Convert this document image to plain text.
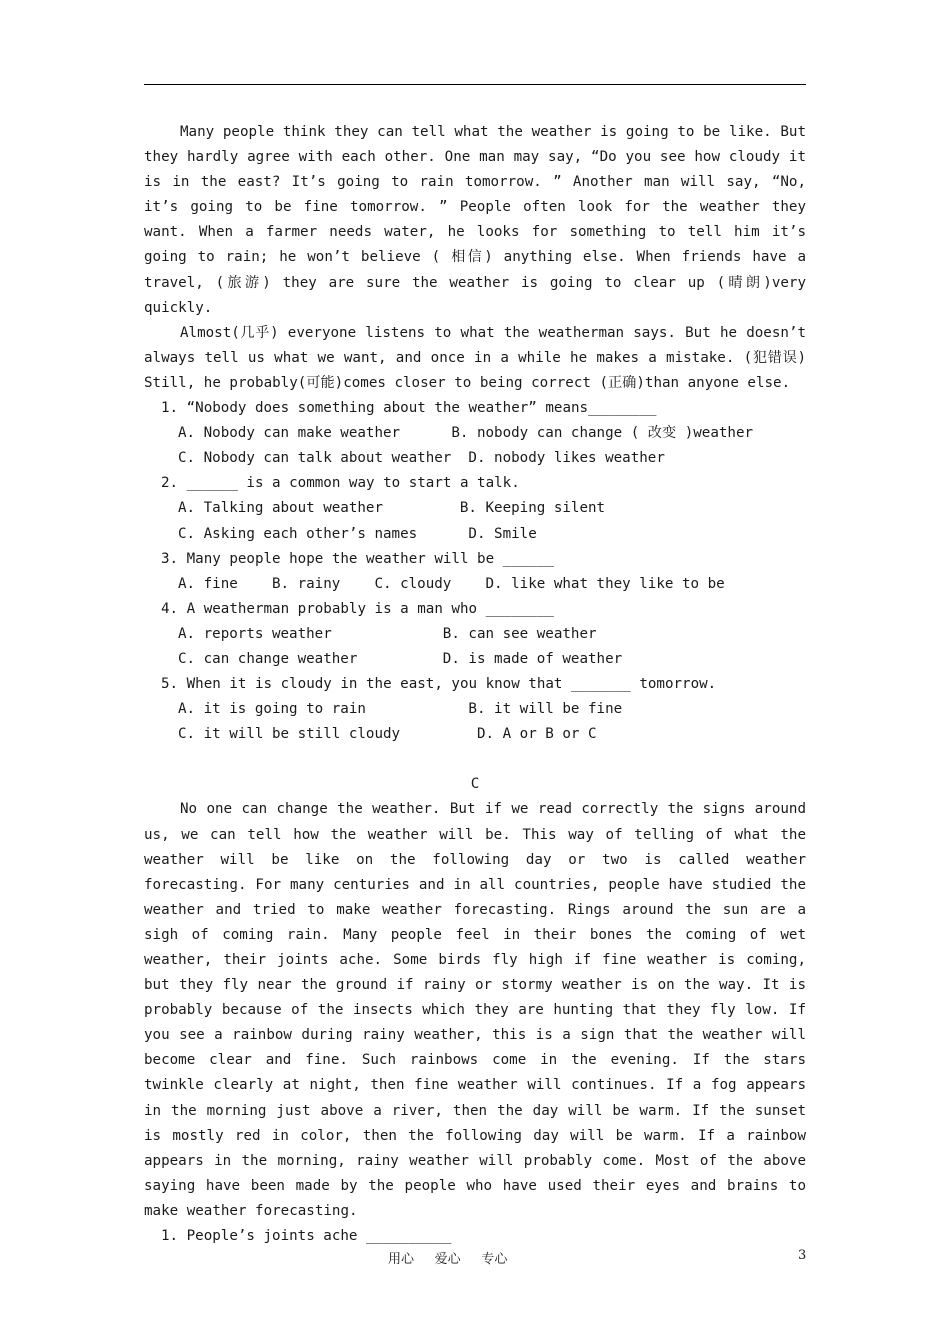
Many people think they can tell what the weather is going to be like. But they hardly agree with each other. One man may say, “Do you see how cloudy it is in the east? It’s going to rain tomorrow. ” Another man will say, “No, it’s going to be fine tomorrow. ” People often look for the weather they want. When a farmer needs water, he looks for something to tell him it’s going to rain; he won’t believe ( 相信) anything else. When friends have a travel, (旅游) they are sure the weather is going to clear up (晴朗)very quickly.

Almost(几乎) everyone listens to what the weatherman says. But he doesn’t always tell us what we want, and once in a while he makes a mistake. (犯错误) Still, he probably(可能)comes closer to being correct (正确)than anyone else.

1. “Nobody does something about the weather” means________

A. Nobody can make weather      B. nobody can change ( 改变 )weather

C. Nobody can talk about weather  D. nobody likes weather

2. ______ is a common way to start a talk.

A. Talking about weather         B. Keeping silent

C. Asking each other’s names      D. Smile

3. Many people hope the weather will be ______

A. fine    B. rainy    C. cloudy    D. like what they like to be

4. A weatherman probably is a man who ________

A. reports weather             B. can see weather

C. can change weather          D. is made of weather

5. When it is cloudy in the east, you know that _______ tomorrow.

A. it is going to rain            B. it will be fine

C. it will be still cloudy         D. A or B or C

C

No one can change the weather. But if we read correctly the signs around us, we can tell how the weather will be. This way of telling of what the weather will be like on the following day or two is called weather forecasting. For many centuries and in all countries, people have studied the weather and tried to make weather forecasting. Rings around the sun are a sigh of coming rain. Many people feel in their bones the coming of wet weather, their joints ache. Some birds fly high if fine weather is coming, but they fly near the ground if rainy or stormy weather is on the way. It is probably because of the insects which they are hunting that they fly low. If you see a rainbow during rainy weather, this is a sign that the weather will become clear and fine. Such rainbows come in the evening. If the stars twinkle clearly at night, then fine weather will continues. If a fog appears in the morning just above a river, then the day will be warm. If the sunset is mostly red in color, then the following day will be warm. If a rainbow appears in the morning, rainy weather will probably come. Most of the above saying have been made by the people who have used their eyes and brains to make weather forecasting.

1. People’s joints ache __________

用心     爱心     专心	3
